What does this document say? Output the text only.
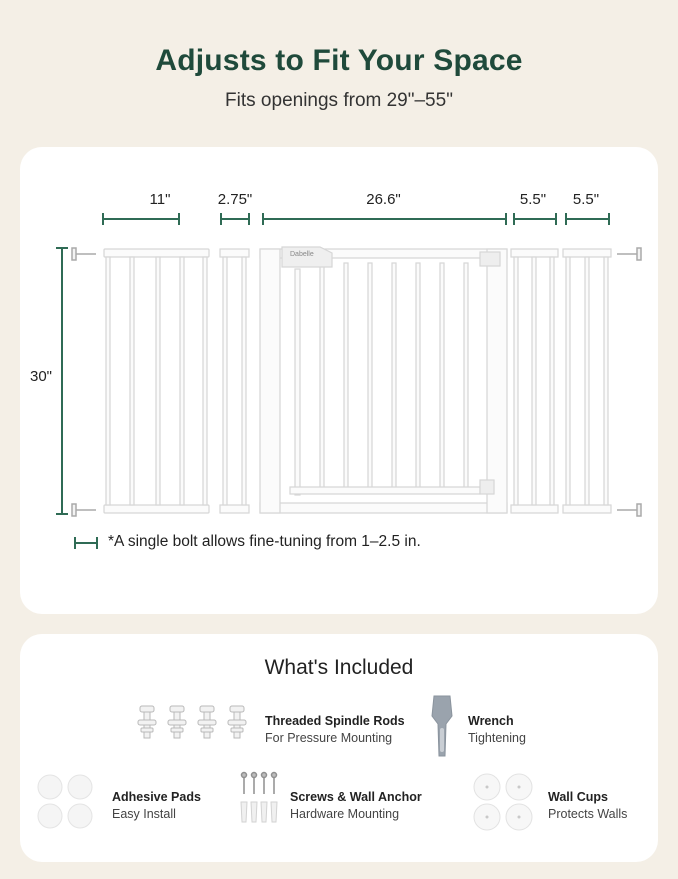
Adjusts to Fit Your Space
Fits openings from 29"–55"
11"	2.75"	26.6"	5.5"	5.5"
30"
Dabelle
*A single bolt allows fine-tuning from 1–2.5 in.
What's Included
Threaded Spindle Rods
For Pressure Mounting
Wrench
Tightening
Adhesive Pads
Easy Install
Screws & Wall Anchor
Hardware Mounting
Wall Cups
Protects Walls
